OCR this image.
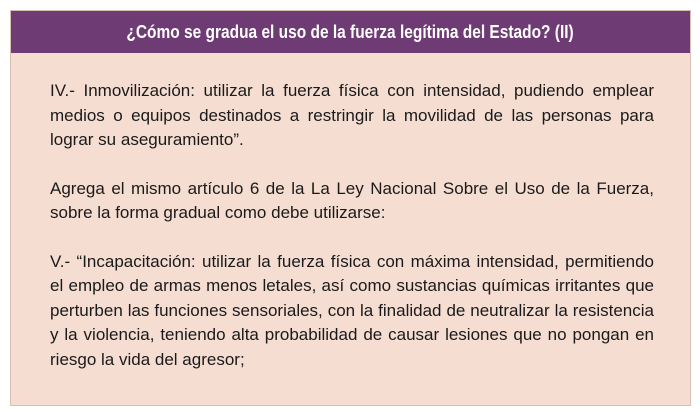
¿Cómo se gradua el uso de la fuerza legítima del Estado? (II)

IV.- Inmovilización: utilizar la fuerza física con intensidad, pudiendo emplear medios o equipos destinados a restringir la movilidad de las personas para lograr su aseguramiento”.

Agrega el mismo artículo 6 de la La Ley Nacional Sobre el Uso de la Fuerza, sobre la forma gradual como debe utilizarse:

V.- “Incapacitación: utilizar la fuerza física con máxima intensidad, permitiendo el empleo de armas menos letales, así como sustancias químicas irritantes que perturben las funciones sensoriales, con la finalidad de neutralizar la resistencia y la violencia, teniendo alta probabilidad de causar lesiones que no pongan en riesgo la vida del agresor;
